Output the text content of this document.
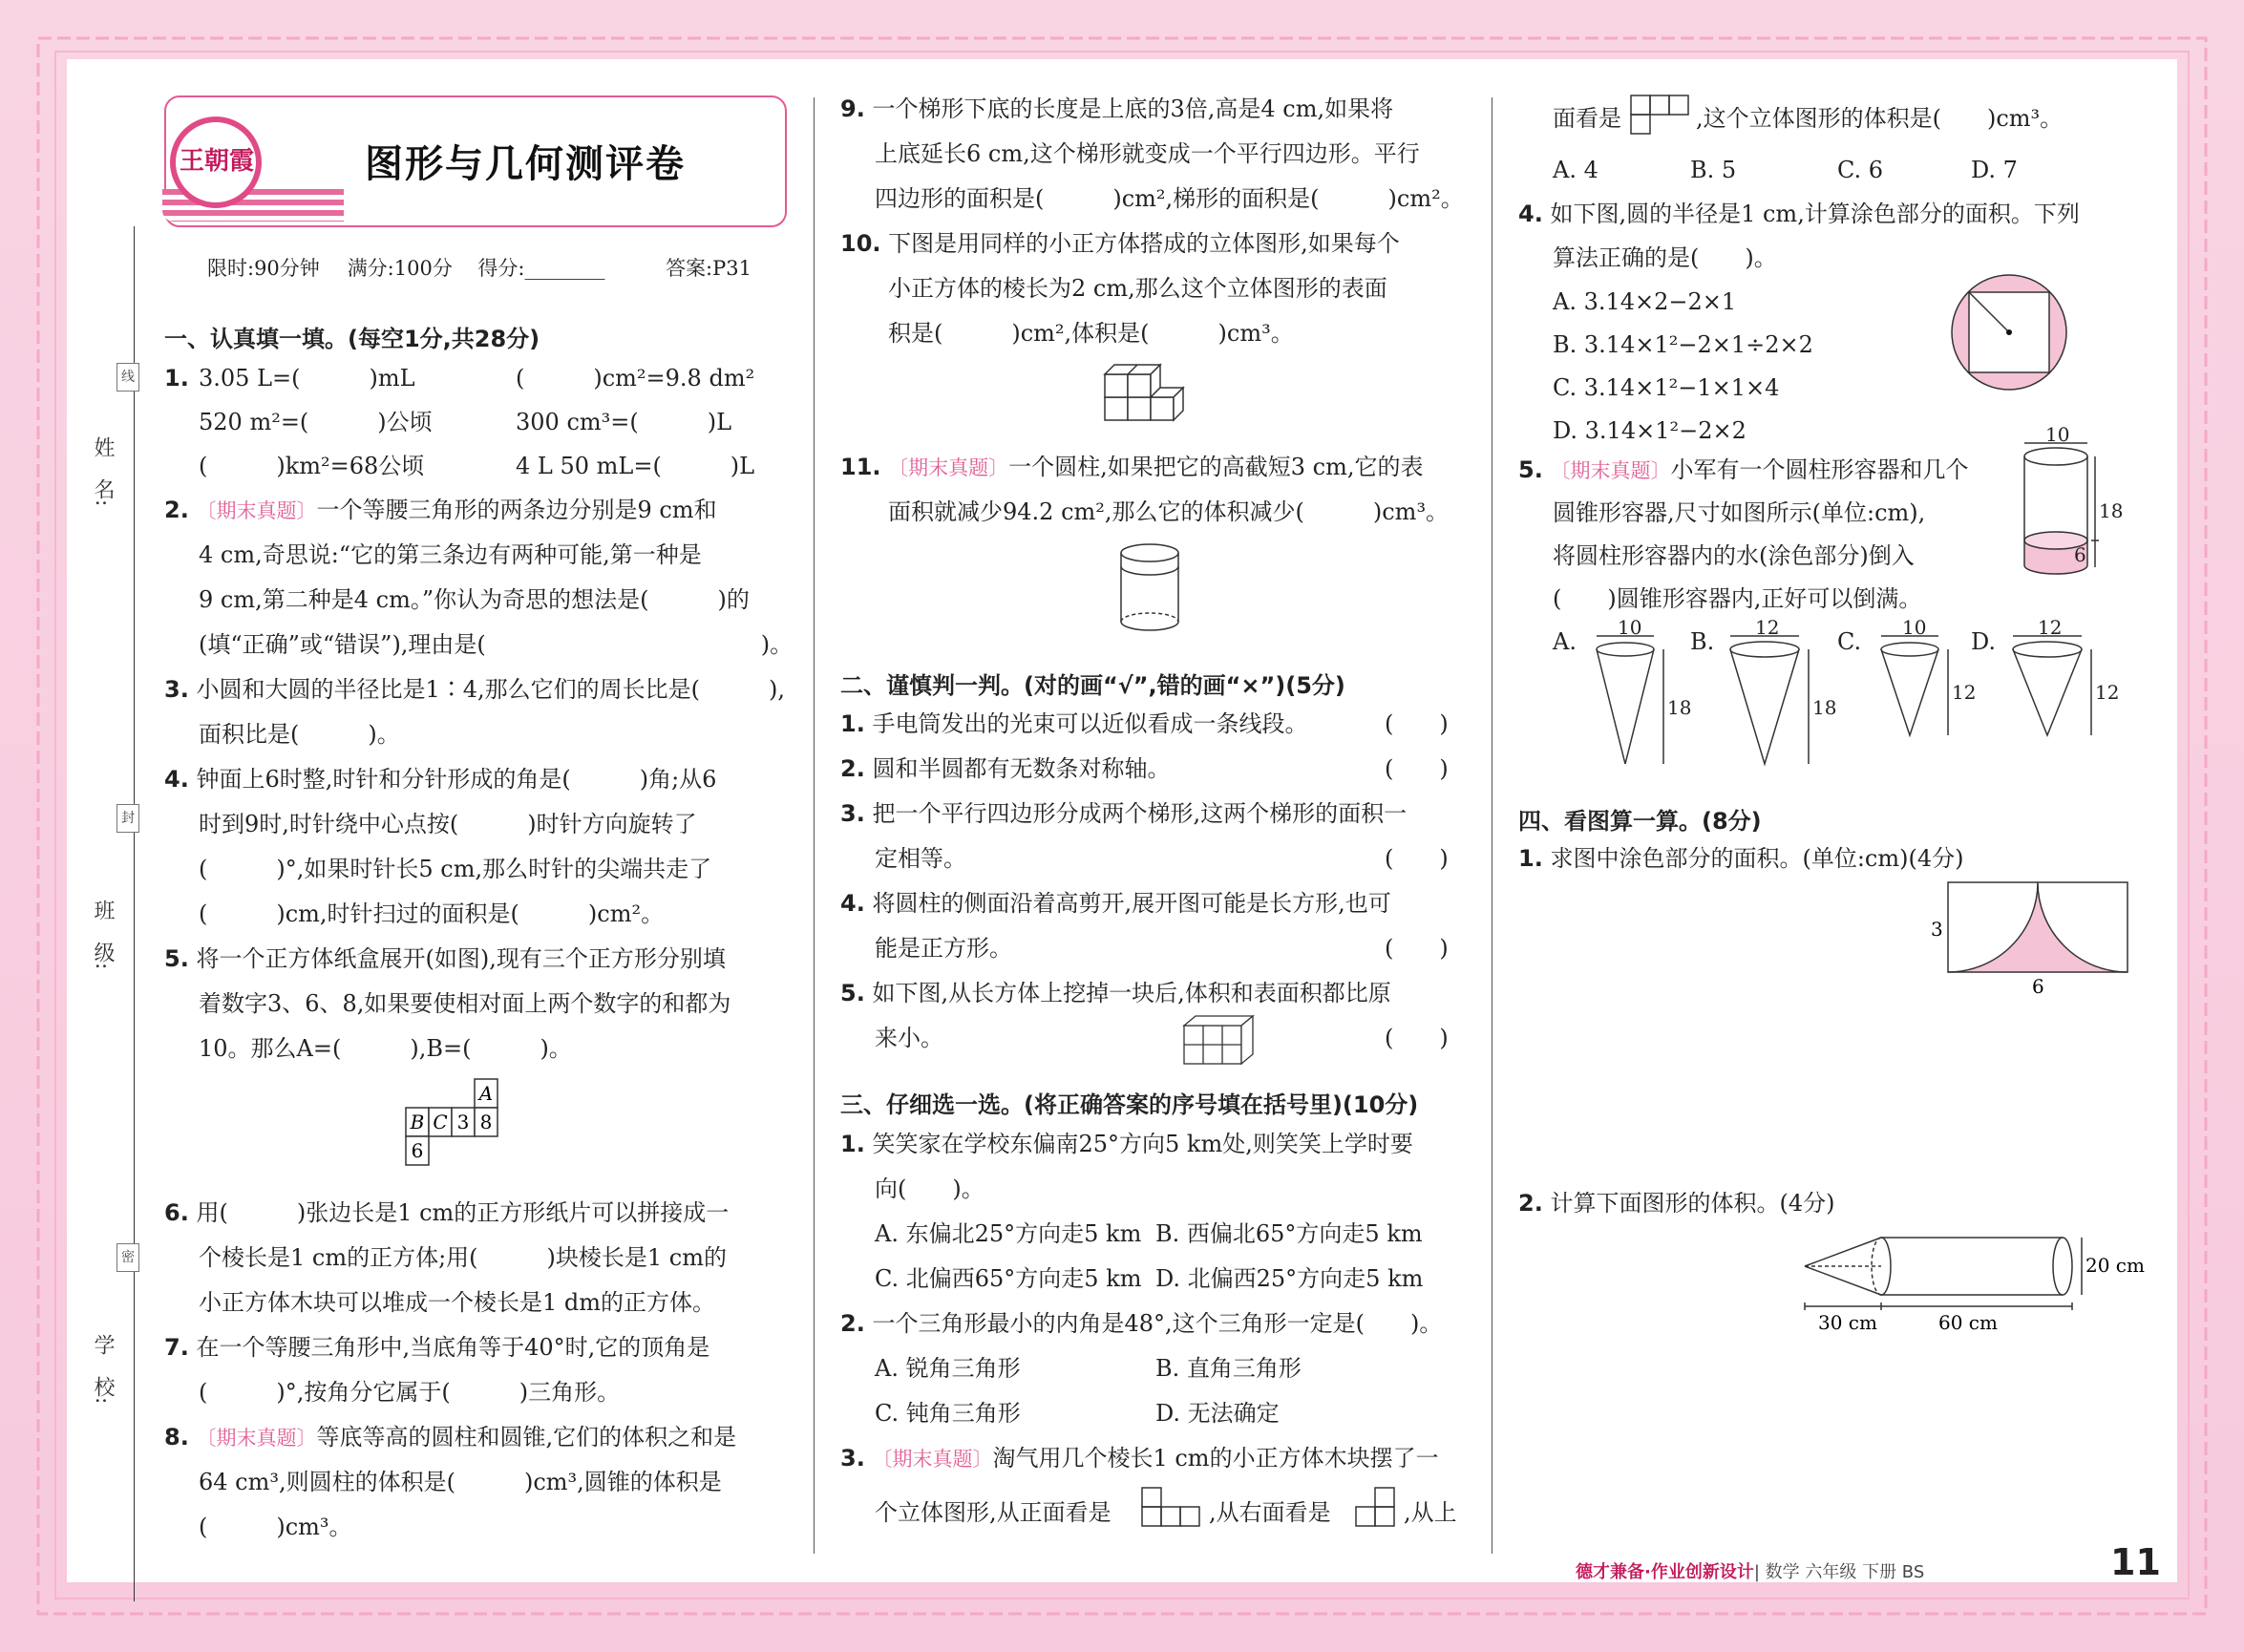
姓　名:
班　级:
学　校:
线
封
密
王朝霞	图形与几何测评卷
限时:90分钟 满分:100分 得分:________	答案:P31
一、认真填一填。(每空1分,共28分)
1. 3.05 L=(　　　)mL	(　　　)cm²=9.8 dm²
520 m²=(　　　)公顷	300 cm³=(　　　)L
(　　　)km²=68公顷	4 L 50 mL=(　　　)L
2. 〔期末真题〕一个等腰三角形的两条边分别是9 cm和
4 cm,奇思说:“它的第三条边有两种可能,第一种是
9 cm,第二种是4 cm。”你认为奇思的想法是(　　　)的
(填“正确”或“错误”),理由是(　　　　　　　　　　　　)。
3. 小圆和大圆的半径比是1∶4,那么它们的周长比是(　　　),
面积比是(　　　)。
4. 钟面上6时整,时针和分针形成的角是(　　　)角;从6
时到9时,时针绕中心点按(　　　)时针方向旋转了
(　　　)°,如果时针长5 cm,那么时针的尖端共走了
(　　　)cm,时针扫过的面积是(　　　)cm²。
5. 将一个正方体纸盒展开(如图),现有三个正方形分别填
着数字3、6、8,如果要使相对面上两个数字的和都为
10。那么A=(　　　),B=(　　　)。
A
B C 3 8
6
6. 用(　　　)张边长是1 cm的正方形纸片可以拼接成一
个棱长是1 cm的正方体;用(　　　)块棱长是1 cm的
小正方体木块可以堆成一个棱长是1 dm的正方体。
7. 在一个等腰三角形中,当底角等于40°时,它的顶角是
(　　　)°,按角分它属于(　　　)三角形。
8. 〔期末真题〕等底等高的圆柱和圆锥,它们的体积之和是
64 cm³,则圆柱的体积是(　　　)cm³,圆锥的体积是
(　　　)cm³。
9. 一个梯形下底的长度是上底的3倍,高是4 cm,如果将
上底延长6 cm,这个梯形就变成一个平行四边形。平行
四边形的面积是(　　　)cm²,梯形的面积是(　　　)cm²。
10. 下图是用同样的小正方体搭成的立体图形,如果每个
小正方体的棱长为2 cm,那么这个立体图形的表面
积是(　　　)cm²,体积是(　　　)cm³。
11. 〔期末真题〕一个圆柱,如果把它的高截短3 cm,它的表
面积就减少94.2 cm²,那么它的体积减少(　　　)cm³。
二、谨慎判一判。(对的画“√”,错的画“×”)(5分)
1. 手电筒发出的光束可以近似看成一条线段。	(　　)
2. 圆和半圆都有无数条对称轴。	(　　)
3. 把一个平行四边形分成两个梯形,这两个梯形的面积一
定相等。	(　　)
4. 将圆柱的侧面沿着高剪开,展开图可能是长方形,也可
能是正方形。	(　　)
5. 如下图,从长方体上挖掉一块后,体积和表面积都比原
来小。	(　　)
三、仔细选一选。(将正确答案的序号填在括号里)(10分)
1. 笑笑家在学校东偏南25°方向5 km处,则笑笑上学时要
向(　　)。
A. 东偏北25°方向走5 km B. 西偏北65°方向走5 km
C. 北偏西65°方向走5 km D. 北偏西25°方向走5 km
2. 一个三角形最小的内角是48°,这个三角形一定是(　　)。
A. 锐角三角形	B. 直角三角形
C. 钝角三角形	D. 无法确定
3. 〔期末真题〕淘气用几个棱长1 cm的小正方体木块摆了一
个立体图形,从正面看是	,从右面看是	,从上
面看是	,这个立体图形的体积是(　　)cm³。
A. 4	B. 5	C. 6	D. 7
4. 如下图,圆的半径是1 cm,计算涂色部分的面积。下列
算法正确的是(　　)。
A. 3.14×2−2×1
B. 3.14×1²−2×1÷2×2
C. 3.14×1²−1×1×4
D. 3.14×1²−2×2
5. 〔期末真题〕小军有一个圆柱形容器和几个
圆锥形容器,尺寸如图所示(单位:cm),
将圆柱形容器内的水(涂色部分)倒入
(　　)圆锥形容器内,正好可以倒满。
10
18
6
A.	B.	C.	D.
10
18
12
18
10
12
12
12
四、看图算一算。(8分)
1. 求图中涂色部分的面积。(单位:cm)(4分)
3
6
2. 计算下面图形的体积。(4分)
20 cm
30 cm	60 cm
德才兼备·作业创新设计| 数学 六年级 下册 BS	11
